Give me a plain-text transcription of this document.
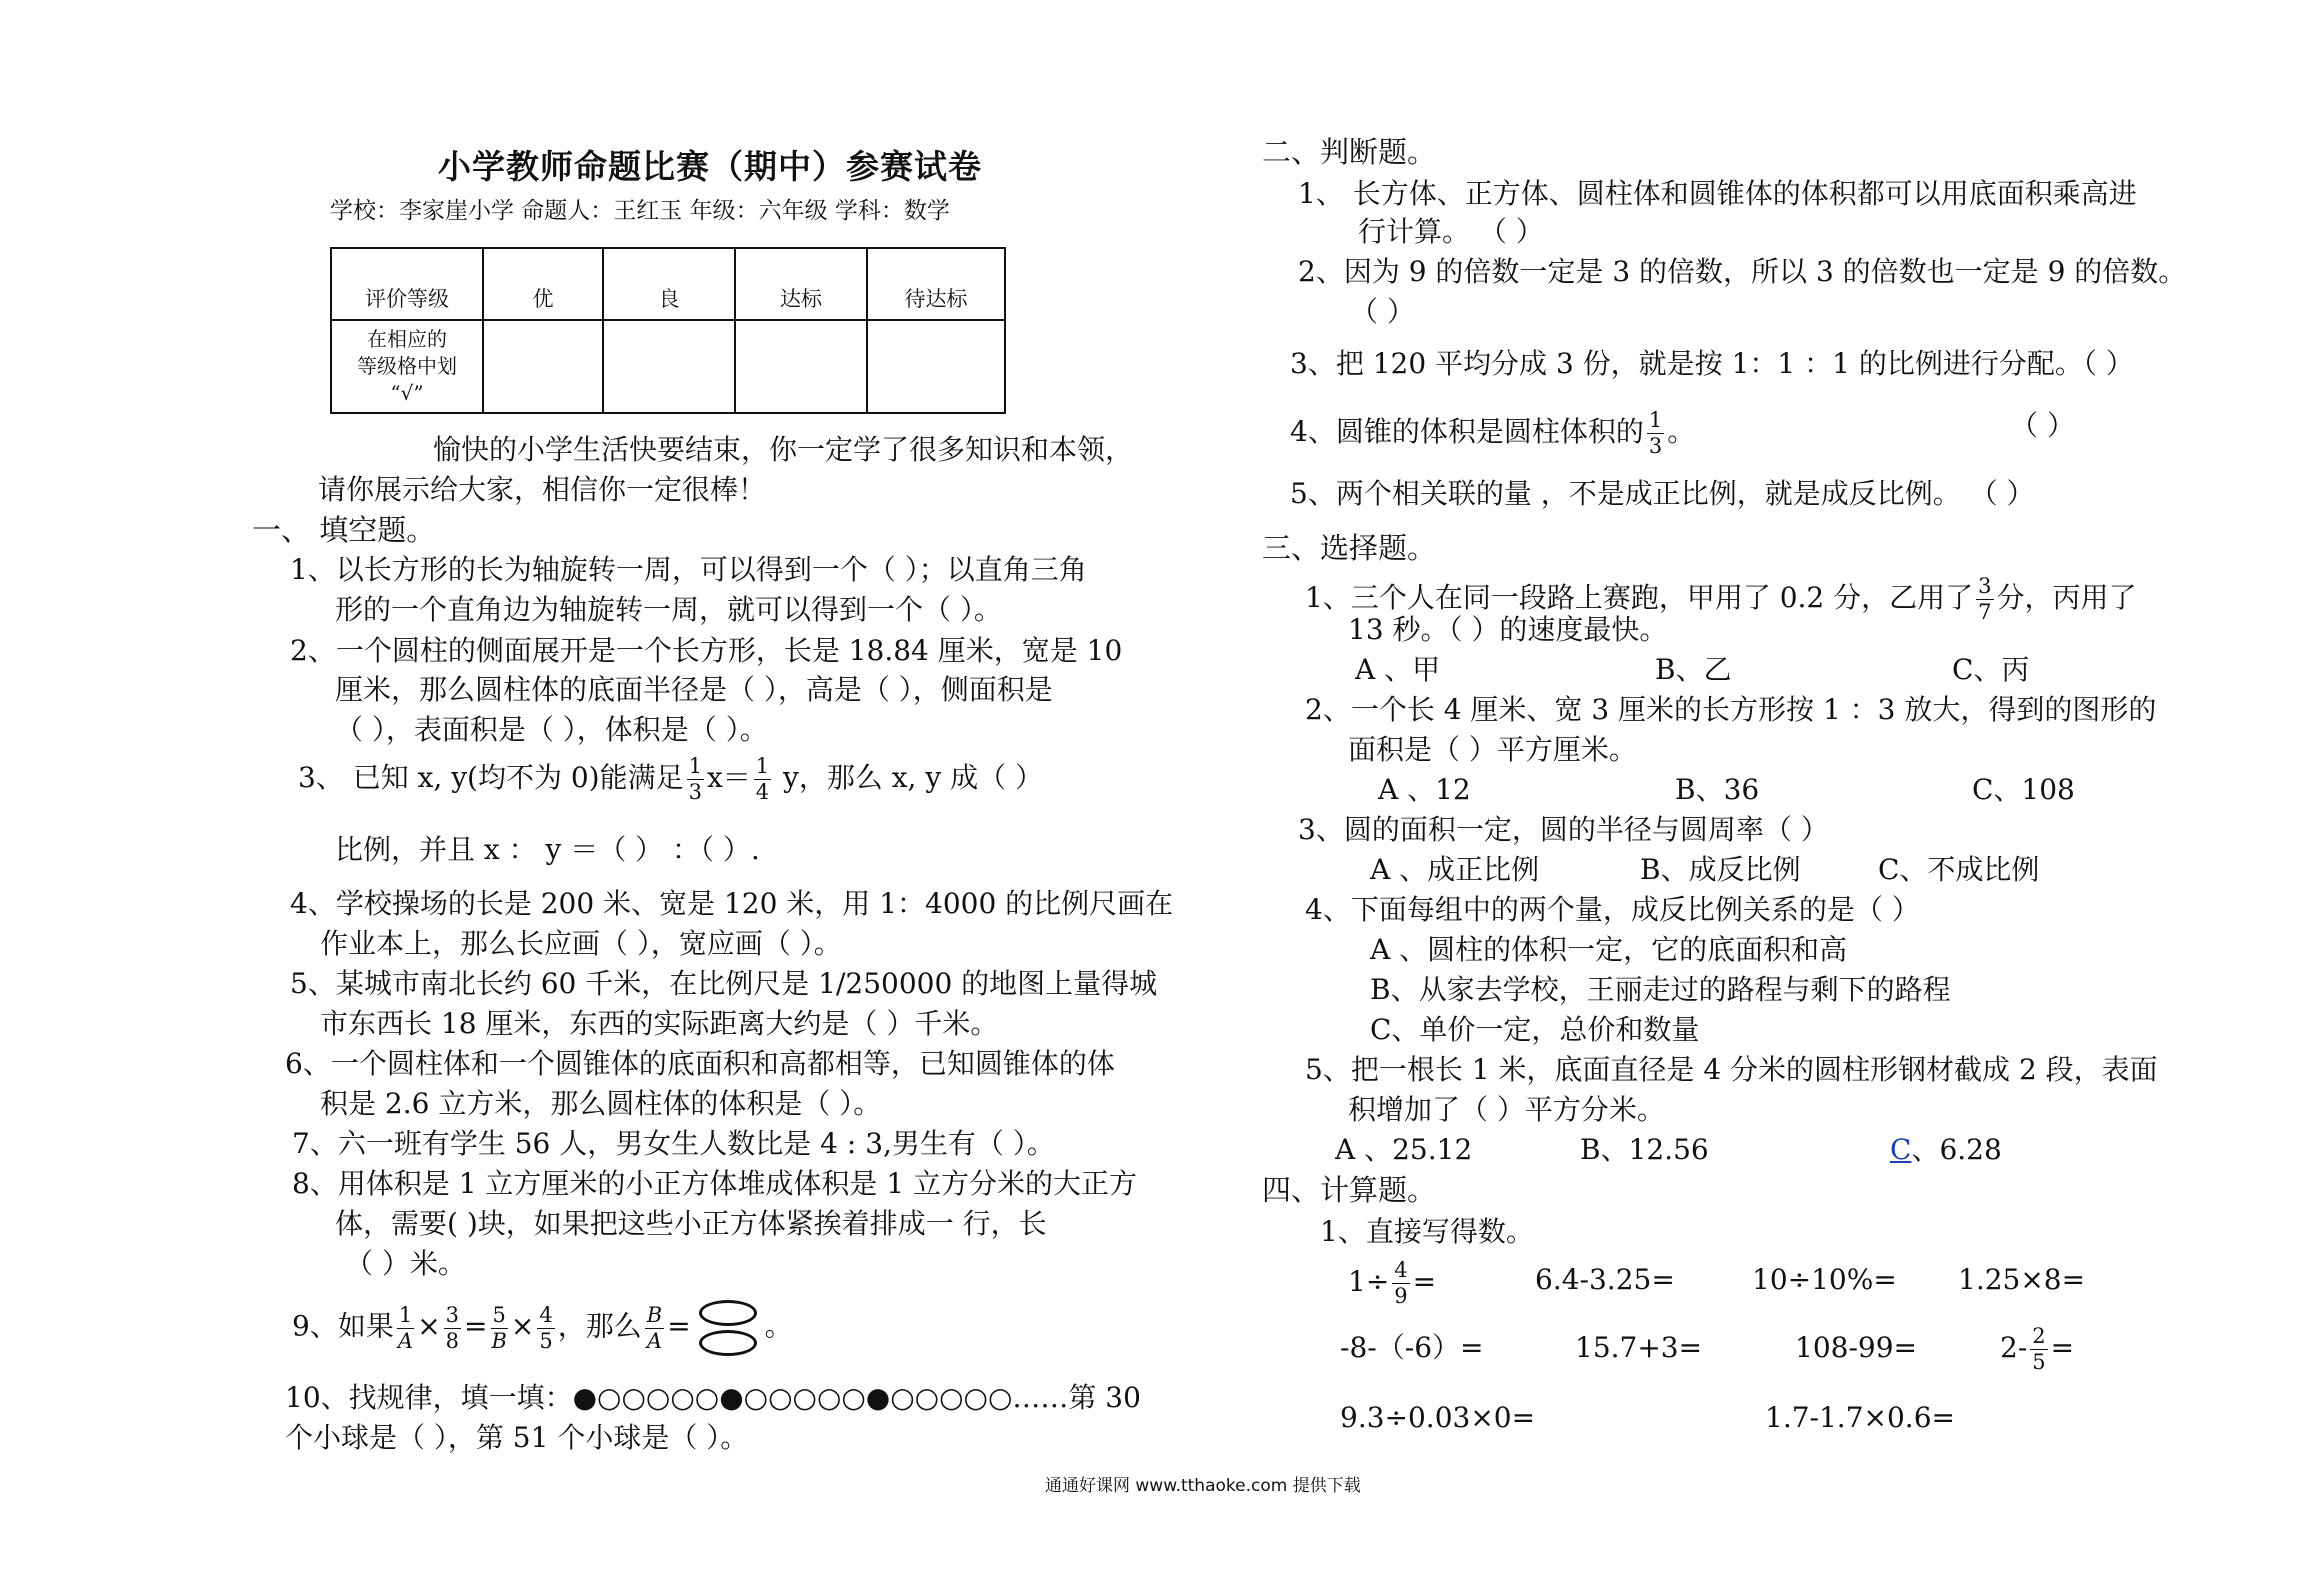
小学教师命题比赛（期中）参赛试卷
学校：李家崖小学 命题人：王红玉 年级：六年级 学科：数学
评价等级	优	良	达标	待达标

在相应的
等级格中划
“√”				

愉快的小学生活快要结束，你一定学了很多知识和本领，
请你展示给大家，相信你一定很棒！
一、 填空题。
1、以长方形的长为轴旋转一周，可以得到一个（ ）；以直角三角
形的一个直角边为轴旋转一周，就可以得到一个（ ）。
2、一个圆柱的侧面展开是一个长方形，长是 18.84 厘米，宽是 10
厘米，那么圆柱体的底面半径是（ ），高是（ ），侧面积是
（ ），表面积是（ ），体积是（ ）。
3、 已知 x, y(均不为 0)能满足 $\frac{1}{3} x= \frac{1}{4}$ y，那么 x, y 成（ ）
比例，并且 x ： y ＝（ ） ：（ ）.
4、学校操场的长是 200 米、宽是 120 米，用 1：4000 的比例尺画在
作业本上，那么长应画（ ），宽应画（ ）。
5、某城市南北长约 60 千米，在比例尺是 1/250000 的地图上量得城
市东西长 18 厘米，东西的实际距离大约是（ ）千米。
6、一个圆柱体和一个圆锥体的底面积和高都相等，已知圆锥体的体
积是 2.6 立方米，那么圆柱体的体积是（ ）。
7、六一班有学生 56 人，男女生人数比是 4 : 3,男生有（ ）。
8、用体积是 1 立方厘米的小正方体堆成体积是 1 立方分米的大正方
体，需要( )块，如果把这些小正方体紧挨着排成一 行，长
（ ）米。
9、如果 $\frac{1}{A} \times \frac{3}{8} = \frac{5}{B} \times \frac{4}{5}$ ，那么 $\frac{B}{A}$ =	。
10、找规律，填一填：●○○○○○●○○○○○●○○○○○……第 30
个小球是（ ），第 51 个小球是（ ）。
二、判断题。
1、 长方体、正方体、圆柱体和圆锥体的体积都可以用底面积乘高进
行计算。 （ ）
2、因为 9 的倍数一定是 3 的倍数，所以 3 的倍数也一定是 9 的倍数。
（ ）
3、把 120 平均分成 3 份，就是按 1：1 ：1 的比例进行分配。（ ）
4、圆锥的体积是圆柱体积的 $\frac{1}{3}$ 。	（ ）
5、两个相关联的量 ，不是成正比例，就是成反比例。 （ ）
三、选择题。
1、三个人在同一段路上赛跑，甲用了 0.2 分，乙用了 $\frac{3}{7}$ 分，丙用了
13 秒。（ ）的速度最快。
A 、甲	B、乙	C、丙
2、一个长 4 厘米、宽 3 厘米的长方形按 1 ：3 放大，得到的图形的
面积是（ ）平方厘米。
A 、12	B、36	C、108
3、圆的面积一定，圆的半径与圆周率（ ）
A 、成正比例	B、成反比例	C、不成比例
4、下面每组中的两个量，成反比例关系的是（ ）
A 、圆柱的体积一定，它的底面积和高
B、从家去学校，王丽走过的路程与剩下的路程
C、单价一定，总价和数量
5、把一根长 1 米，底面直径是 4 分米的圆柱形钢材截成 2 段，表面
积增加了（ ）平方分米。
A 、25.12	B、12.56	C、6.28
四、计算题。
1、直接写得数。
$1\div \frac{4}{9}$ =	6.4-3.25=	10÷10%= 1.25×8=
-8-（-6）=	15.7+3=	108-99=	$2- \frac{2}{5}$ =
9.3÷0.03×0=	1.7-1.7×0.6=
通通好课网 www.tthaoke.com 提供下载
